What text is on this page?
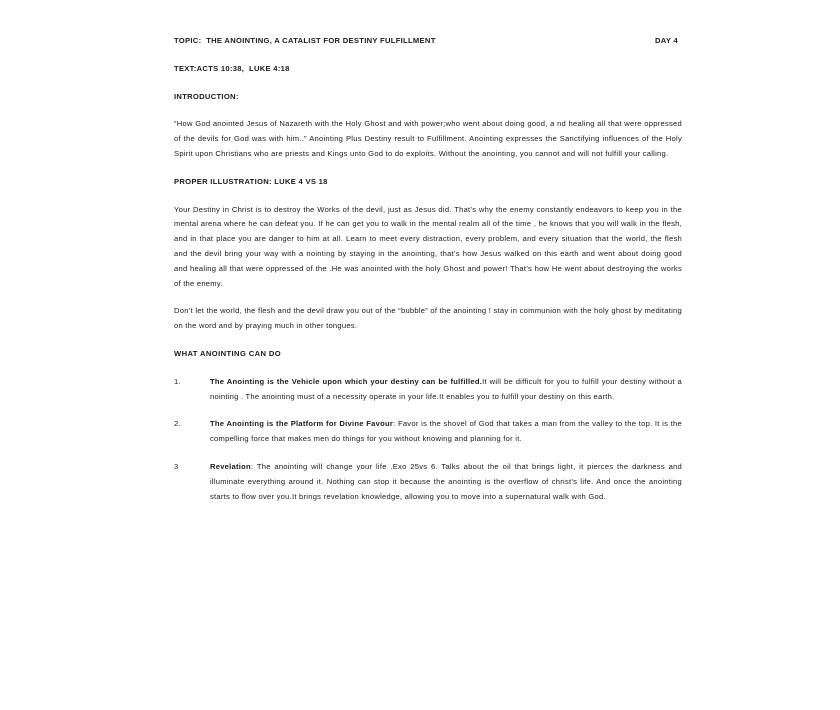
TOPIC:  THE ANOINTING, A CATALIST FOR DESTINY FULFILLMENT	DAY 4
TEXT:ACTS 10:38,  LUKE 4:18
INTRODUCTION:
“How God anointed Jesus of Nazareth with the Holy Ghost and with power;who went about doing good, a nd healing all that were oppressed of the devils for God was with him..” Anointing Plus Destiny result to Fulfillment. Anointing expresses the Sanctifying influences of the Holy Spirit upon Christians who are priests and Kings unto God to do exploits. Without the anointing, you cannot and will not fulfill your calling.
PROPER ILLUSTRATION: LUKE 4 VS 18
Your Destiny in Christ is to destroy the Works of the devil, just as Jesus did. That’s why the enemy constantly endeavors to keep you in the mental arena where he can defeat you. If he can get you to walk in the mental realm all of the time , he knows that you will walk in the flesh, and in that place you are danger to him at all. Learn to meet every distraction, every problem, and every situation that the world, the flesh and the devil bring your way with a nointing by staying in the anointing, that’s how Jesus walked on this earth and went about doing good and healing all that were oppressed of the .He was anointed with the holy Ghost and power! That’s how He went about destroying the works of the enemy.
Don’t let the world, the flesh and the devil draw you out of the “bubble” of the anointing ! stay in communion with the holy ghost by meditating on the word and by praying much in other tongues.
WHAT ANOINTING CAN DO
1.	The Anointing is the Vehicle upon which your destiny can be fulfilled.It will be difficult for you to fulfill your destiny without a nointing . The anointing must of a necessity operate in your life.It enables you to fulfill your destiny on this earth.
2.	The Anointing is the Platform for Divine Favour: Favor is the shovel of God that takes a man from the valley to the top. It is the compelling force that makes men do things for you without knowing and planning for it.
3	Revelation: The anointing will change your life .Exo 25vs 6. Talks about the oil that brings light, it pierces the darkness and illuminate everything around it. Nothing can stop it because the anointing is the overflow of christ’s life. And once the anointing starts to flow over you.It brings revelation knowledge, allowing you to move into a supernatural walk with God.
